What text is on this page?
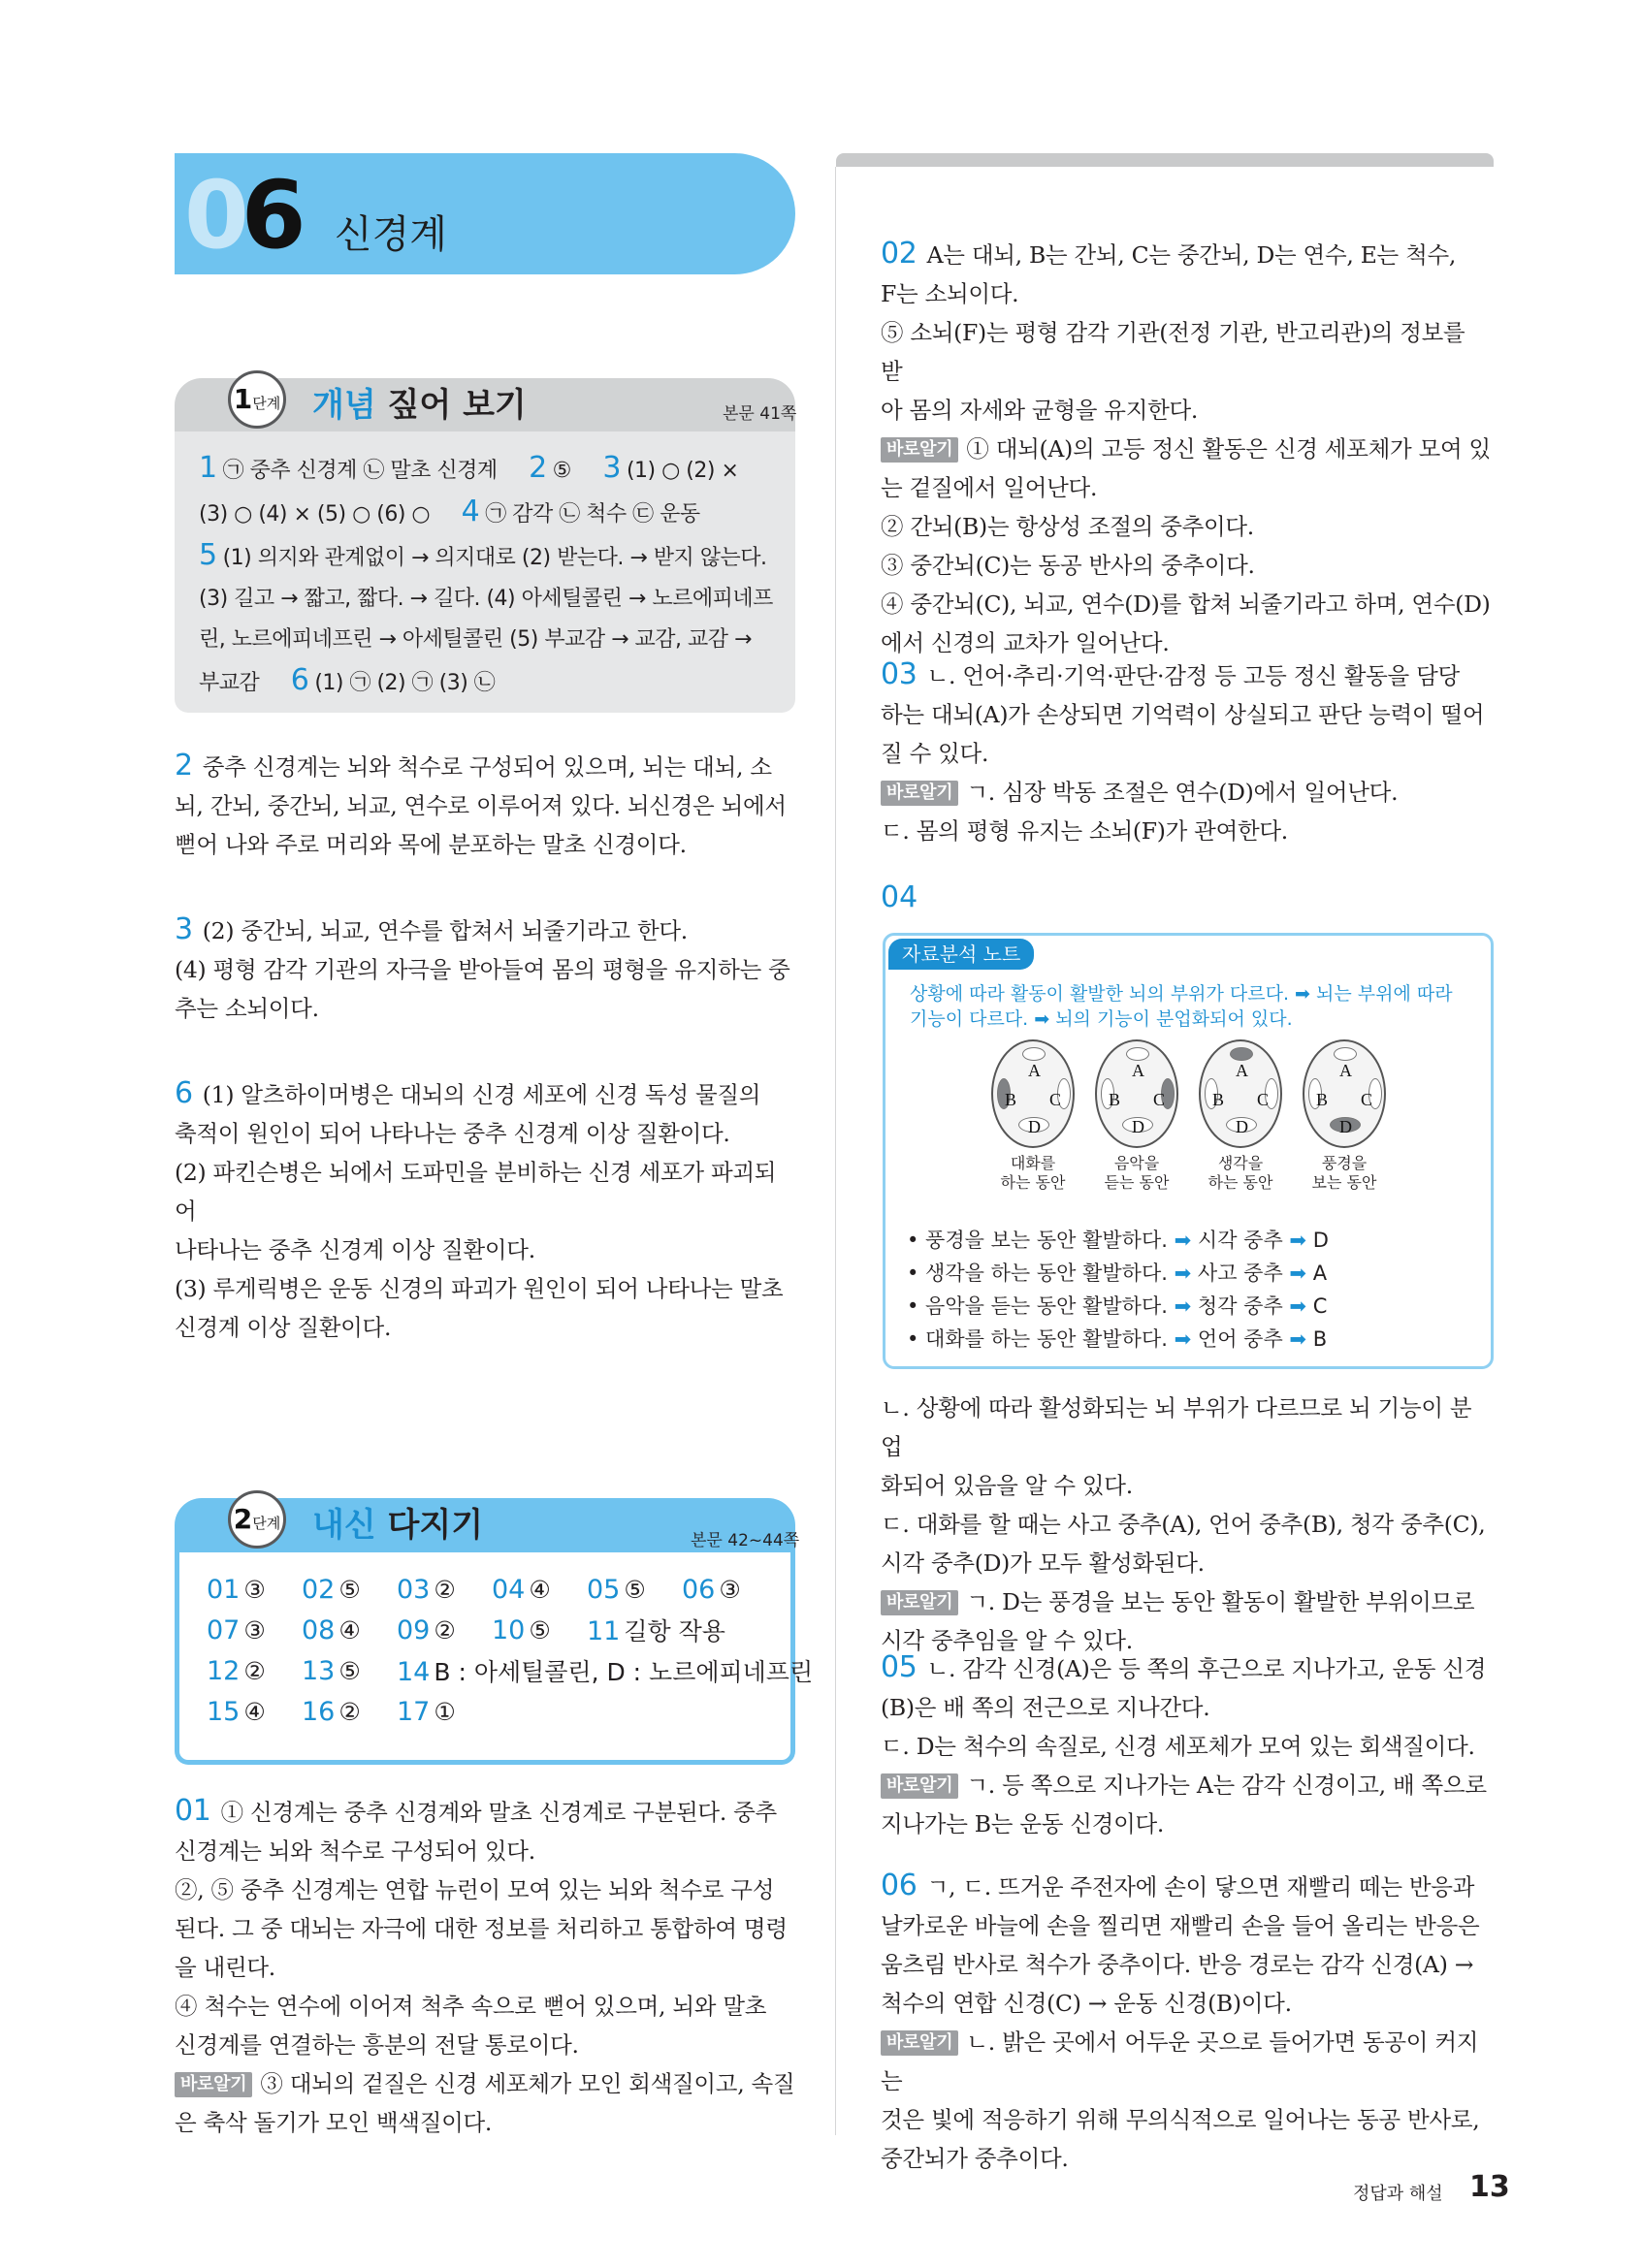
06 신경계
1단계 개념 짚어 보기	본문 41쪽
1 ㉠ 중추 신경계 ㉡ 말초 신경계 2 ⑤ 3 (1) ○ (2) ×
(3) ○ (4) × (5) ○ (6) ○ 4 ㉠ 감각 ㉡ 척수 ㉢ 운동
5 (1) 의지와 관계없이 → 의지대로 (2) 받는다. → 받지 않는다.
(3) 길고 → 짧고, 짧다. → 길다. (4) 아세틸콜린 → 노르에피네프
린, 노르에피네프린 → 아세틸콜린 (5) 부교감 → 교감, 교감 →
부교감 6 (1) ㉠ (2) ㉠ (3) ㉡

2 중추 신경계는 뇌와 척수로 구성되어 있으며, 뇌는 대뇌, 소

뇌, 간뇌, 중간뇌, 뇌교, 연수로 이루어져 있다. 뇌신경은 뇌에서

뻗어 나와 주로 머리와 목에 분포하는 말초 신경이다.

3 (2) 중간뇌, 뇌교, 연수를 합쳐서 뇌줄기라고 한다.

(4) 평형 감각 기관의 자극을 받아들여 몸의 평형을 유지하는 중

추는 소뇌이다.

6 (1) 알츠하이머병은 대뇌의 신경 세포에 신경 독성 물질의

축적이 원인이 되어 나타나는 중추 신경계 이상 질환이다.

(2) 파킨슨병은 뇌에서 도파민을 분비하는 신경 세포가 파괴되어

나타나는 중추 신경계 이상 질환이다.

(3) 루게릭병은 운동 신경의 파괴가 원인이 되어 나타나는 말초

신경계 이상 질환이다.

2단계 내신 다지기	본문 42~44쪽
01 ③ 02 ⑤ 03 ② 04 ④ 05 ⑤ 06 ③
07 ③ 08 ④ 09 ② 10 ⑤ 11 길항 작용
12 ② 13 ⑤ 14 B : 아세틸콜린, D : 노르에피네프린
15 ④ 16 ② 17 ①

01 ① 신경계는 중추 신경계와 말초 신경계로 구분된다. 중추

신경계는 뇌와 척수로 구성되어 있다.

②, ⑤ 중추 신경계는 연합 뉴런이 모여 있는 뇌와 척수로 구성

된다. 그 중 대뇌는 자극에 대한 정보를 처리하고 통합하여 명령

을 내린다.

④ 척수는 연수에 이어져 척추 속으로 뻗어 있으며, 뇌와 말초

신경계를 연결하는 흥분의 전달 통로이다.

바로알기 ③ 대뇌의 겉질은 신경 세포체가 모인 회색질이고, 속질

은 축삭 돌기가 모인 백색질이다.

02 A는 대뇌, B는 간뇌, C는 중간뇌, D는 연수, E는 척수,

F는 소뇌이다.

⑤ 소뇌(F)는 평형 감각 기관(전정 기관, 반고리관)의 정보를 받

아 몸의 자세와 균형을 유지한다.

바로알기 ① 대뇌(A)의 고등 정신 활동은 신경 세포체가 모여 있

는 겉질에서 일어난다.

② 간뇌(B)는 항상성 조절의 중추이다.

③ 중간뇌(C)는 동공 반사의 중추이다.

④ 중간뇌(C), 뇌교, 연수(D)를 합쳐 뇌줄기라고 하며, 연수(D)

에서 신경의 교차가 일어난다.

03 ㄴ. 언어·추리·기억·판단·감정 등 고등 정신 활동을 담당

하는 대뇌(A)가 손상되면 기억력이 상실되고 판단 능력이 떨어

질 수 있다.

바로알기 ㄱ. 심장 박동 조절은 연수(D)에서 일어난다.

ㄷ. 몸의 평형 유지는 소뇌(F)가 관여한다.

04
자료분석 노트
상황에 따라 활동이 활발한 뇌의 부위가 다르다. ➡ 뇌는 부위에 따라 기능이 다르다. ➡ 뇌의 기능이 분업화되어 있다.
A
B C
D
대화를
하는 동안
A
B C
D
음악을
듣는 동안
A
B C
D
생각을
하는 동안
A
B C
D
풍경을
보는 동안
• 풍경을 보는 동안 활발하다. ➡ 시각 중추 ➡ D
• 생각을 하는 동안 활발하다. ➡ 사고 중추 ➡ A
• 음악을 듣는 동안 활발하다. ➡ 청각 중추 ➡ C
• 대화를 하는 동안 활발하다. ➡ 언어 중추 ➡ B

ㄴ. 상황에 따라 활성화되는 뇌 부위가 다르므로 뇌 기능이 분업

화되어 있음을 알 수 있다.

ㄷ. 대화를 할 때는 사고 중추(A), 언어 중추(B), 청각 중추(C),

시각 중추(D)가 모두 활성화된다.

바로알기 ㄱ. D는 풍경을 보는 동안 활동이 활발한 부위이므로

시각 중추임을 알 수 있다.

05 ㄴ. 감각 신경(A)은 등 쪽의 후근으로 지나가고, 운동 신경

(B)은 배 쪽의 전근으로 지나간다.

ㄷ. D는 척수의 속질로, 신경 세포체가 모여 있는 회색질이다.

바로알기 ㄱ. 등 쪽으로 지나가는 A는 감각 신경이고, 배 쪽으로

지나가는 B는 운동 신경이다.

06 ㄱ, ㄷ. 뜨거운 주전자에 손이 닿으면 재빨리 떼는 반응과

날카로운 바늘에 손을 찔리면 재빨리 손을 들어 올리는 반응은

움츠림 반사로 척수가 중추이다. 반응 경로는 감각 신경(A) →

척수의 연합 신경(C) → 운동 신경(B)이다.

바로알기 ㄴ. 밝은 곳에서 어두운 곳으로 들어가면 동공이 커지는

것은 빛에 적응하기 위해 무의식적으로 일어나는 동공 반사로,

중간뇌가 중추이다.

정답과 해설 13
